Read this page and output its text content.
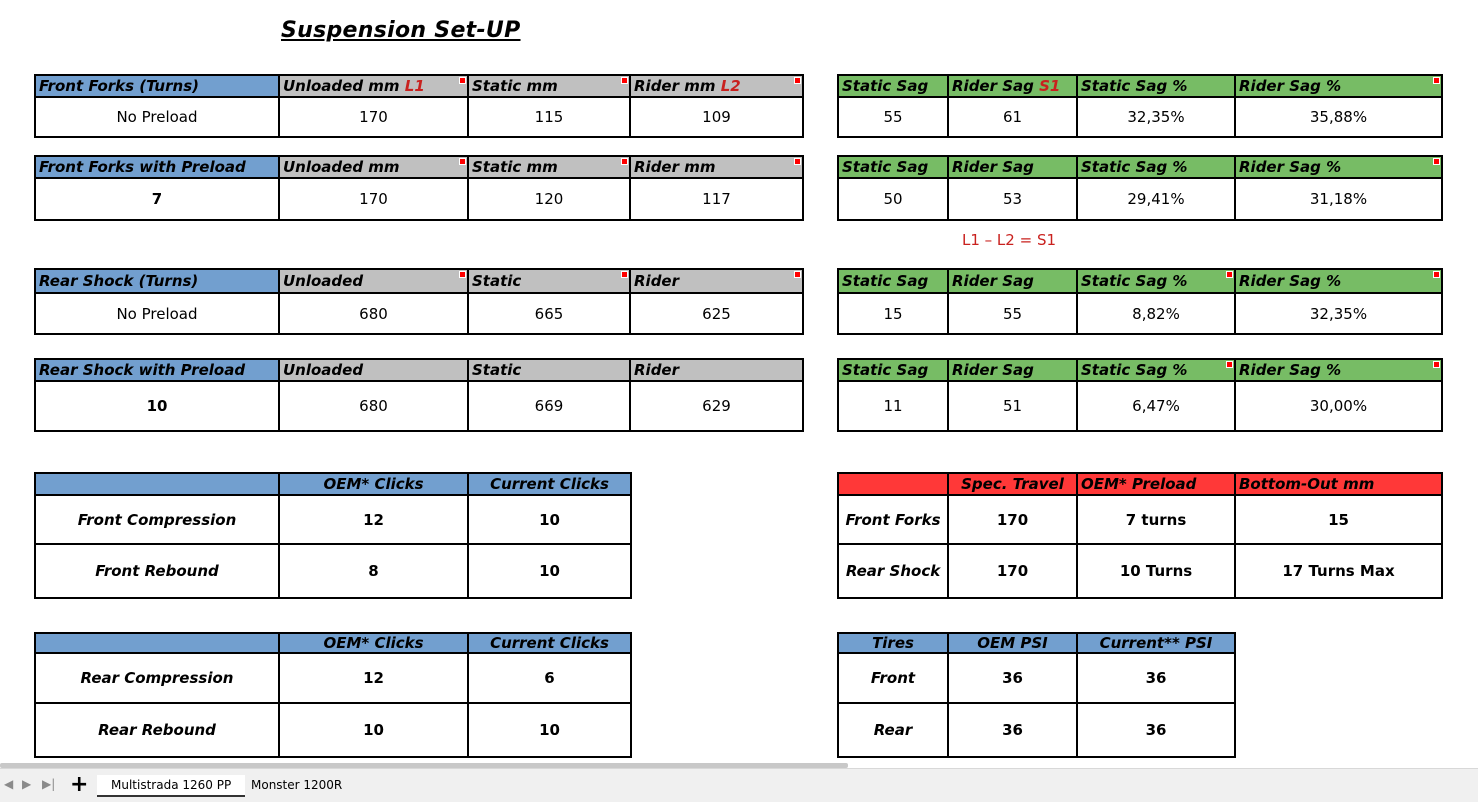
Suspension Set-UP
Front Forks (Turns)	Unloaded mm L1	Static mm	Rider mm L2

No Preload	170	115	109
Static Sag	Rider Sag S1	Static Sag %	Rider Sag %

55	61	32,35%	35,88%
Front Forks with Preload	Unloaded mm	Static mm	Rider mm

7	170	120	117
Static Sag	Rider Sag	Static Sag %	Rider Sag %

50	53	29,41%	31,18%
L1 – L2 = S1
Rear Shock (Turns)	Unloaded	Static	Rider

No Preload	680	665	625
Static Sag	Rider Sag	Static Sag %	Rider Sag %

15	55	8,82%	32,35%
Rear Shock with Preload	Unloaded	Static	Rider
10	680	669	629
Static Sag	Rider Sag	Static Sag %	Rider Sag %

11	51	6,47%	30,00%
	OEM* Clicks	Current Clicks
Front Compression	12	10
Front Rebound	8	10
	Spec. Travel	OEM* Preload	Bottom-Out mm
Front Forks	170	7 turns	15
Rear Shock	170	10 Turns	17 Turns Max
	OEM* Clicks	Current Clicks
Rear Compression	12	6
Rear Rebound	10	10
Tires	OEM PSI	Current** PSI
Front	36	36
Rear	36	36
◀ ▶ ▶| +	Multistrada 1260 PP	Monster 1200R
